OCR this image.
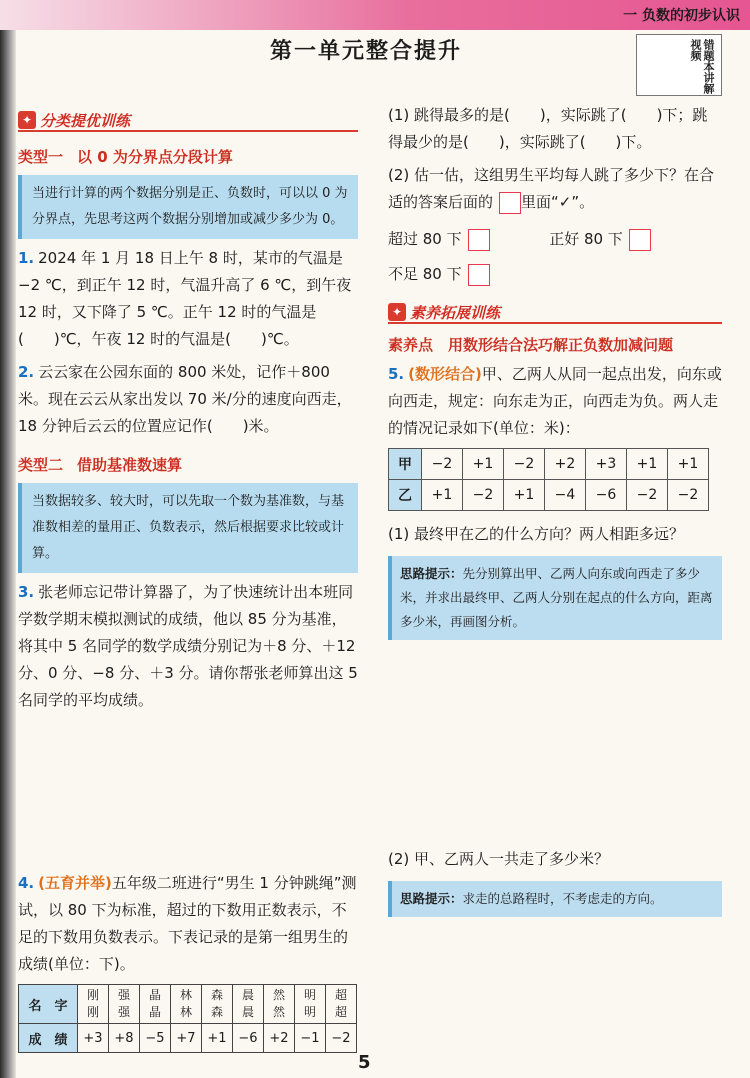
一 负数的初步认识
第一单元整合提升	错题本讲解视频
✦ 分类提优训练
类型一 以 0 为分界点分段计算
当进行计算的两个数据分别是正、负数时，可以以 0 为分界点，先思考这两个数据分别增加或减少多少为 0。
1. 2024 年 1 月 18 日上午 8 时，某市的气温是 −2 ℃，到正午 12 时，气温升高了 6 ℃，到午夜 12 时，又下降了 5 ℃。正午 12 时的气温是(　　)℃，午夜 12 时的气温是(　　)℃。
2. 云云家在公园东面的 800 米处，记作＋800 米。现在云云从家出发以 70 米/分的速度向西走，18 分钟后云云的位置应记作(　　)米。
类型二 借助基准数速算
当数据较多、较大时，可以先取一个数为基准数，与基准数相差的量用正、负数表示，然后根据要求比较或计算。
3. 张老师忘记带计算器了，为了快速统计出本班同学数学期末模拟测试的成绩，他以 85 分为基准，将其中 5 名同学的数学成绩分别记为＋8 分、＋12 分、0 分、−8 分、＋3 分。请你帮张老师算出这 5 名同学的平均成绩。
4. (五育并举)五年级二班进行“男生 1 分钟跳绳”测试，以 80 下为标准，超过的下数用正数表示，不足的下数用负数表示。下表记录的是第一组男生的成绩(单位：下)。
名　字	刚刚	强强	晶晶	林林	森森	晨晨	然然	明明	超超
成　绩	+3	+8	−5	+7	+1	−6	+2	−1	−2
(1) 跳得最多的是(　　)，实际跳了(　　)下；跳得最少的是(　　)，实际跳了(　　)下。
(2) 估一估，这组男生平均每人跳了多少下？在合适的答案后面的 里面“✓”。
超过 80 下	正好 80 下
不足 80 下
✦ 素养拓展训练
素养点　用数形结合法巧解正负数加减问题
5. (数形结合)甲、乙两人从同一起点出发，向东或向西走，规定：向东走为正，向西走为负。两人走的情况记录如下(单位：米)：
甲	−2	+1	−2	+2	+3	+1	+1
乙	+1	−2	+1	−4	−6	−2	−2
(1) 最终甲在乙的什么方向？两人相距多远？
思路提示：先分别算出甲、乙两人向东或向西走了多少米，并求出最终甲、乙两人分别在起点的什么方向，距离多少米，再画图分析。
(2) 甲、乙两人一共走了多少米？
思路提示：求走的总路程时，不考虑走的方向。
5
